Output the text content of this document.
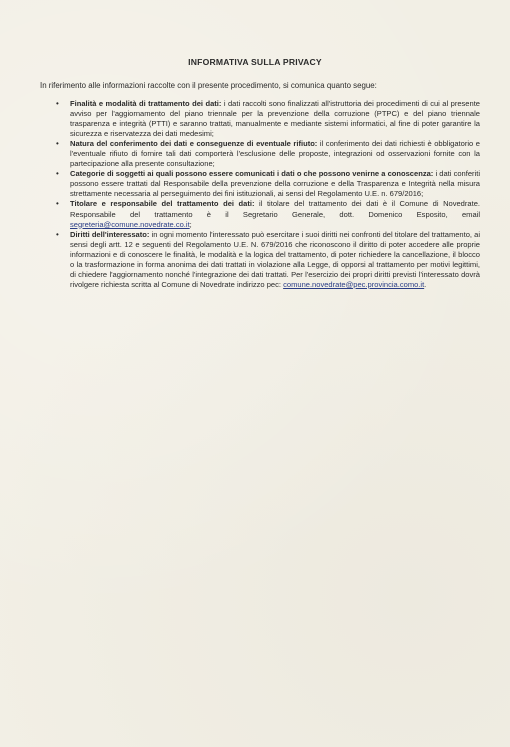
INFORMATIVA SULLA PRIVACY
In riferimento alle informazioni raccolte con il presente procedimento, si comunica quanto segue:
• Finalità e modalità di trattamento dei dati: i dati raccolti sono finalizzati all'istruttoria dei procedimenti di cui al presente avviso per l'aggiornamento del piano triennale per la prevenzione della corruzione (PTPC) e del piano triennale trasparenza e integrità (PTTI) e saranno trattati, manualmente e mediante sistemi informatici, al fine di poter garantire la sicurezza e riservatezza dei dati medesimi;
• Natura del conferimento dei dati e conseguenze di eventuale rifiuto: il conferimento dei dati richiesti è obbligatorio e l'eventuale rifiuto di fornire tali dati comporterà l'esclusione delle proposte, integrazioni od osservazioni fornite con la partecipazione alla presente consultazione;
• Categorie di soggetti ai quali possono essere comunicati i dati o che possono venirne a conoscenza: i dati conferiti possono essere trattati dal Responsabile della prevenzione della corruzione e della Trasparenza e Integrità nella misura strettamente necessaria al perseguimento dei fini istituzionali, ai sensi del Regolamento U.E. n. 679/2016;
• Titolare e responsabile del trattamento dei dati: il titolare del trattamento dei dati è il Comune di Novedrate. Responsabile del trattamento è il Segretario Generale, dott. Domenico Esposito, email segreteria@comune.novedrate.co.it;
• Diritti dell'interessato: in ogni momento l'interessato può esercitare i suoi diritti nei confronti del titolare del trattamento, ai sensi degli artt. 12 e seguenti del Regolamento U.E. N. 679/2016 che riconoscono il diritto di poter accedere alle proprie informazioni e di conoscere le finalità, le modalità e la logica del trattamento, di poter richiedere la cancellazione, il blocco o la trasformazione in forma anonima dei dati trattati in violazione alla Legge, di opporsi al trattamento per motivi legittimi, di chiedere l'aggiornamento nonché l'integrazione dei dati trattati. Per l'esercizio dei propri diritti previsti l'interessato dovrà rivolgere richiesta scritta al Comune di Novedrate indirizzo pec: comune.novedrate@pec.provincia.como.it.
